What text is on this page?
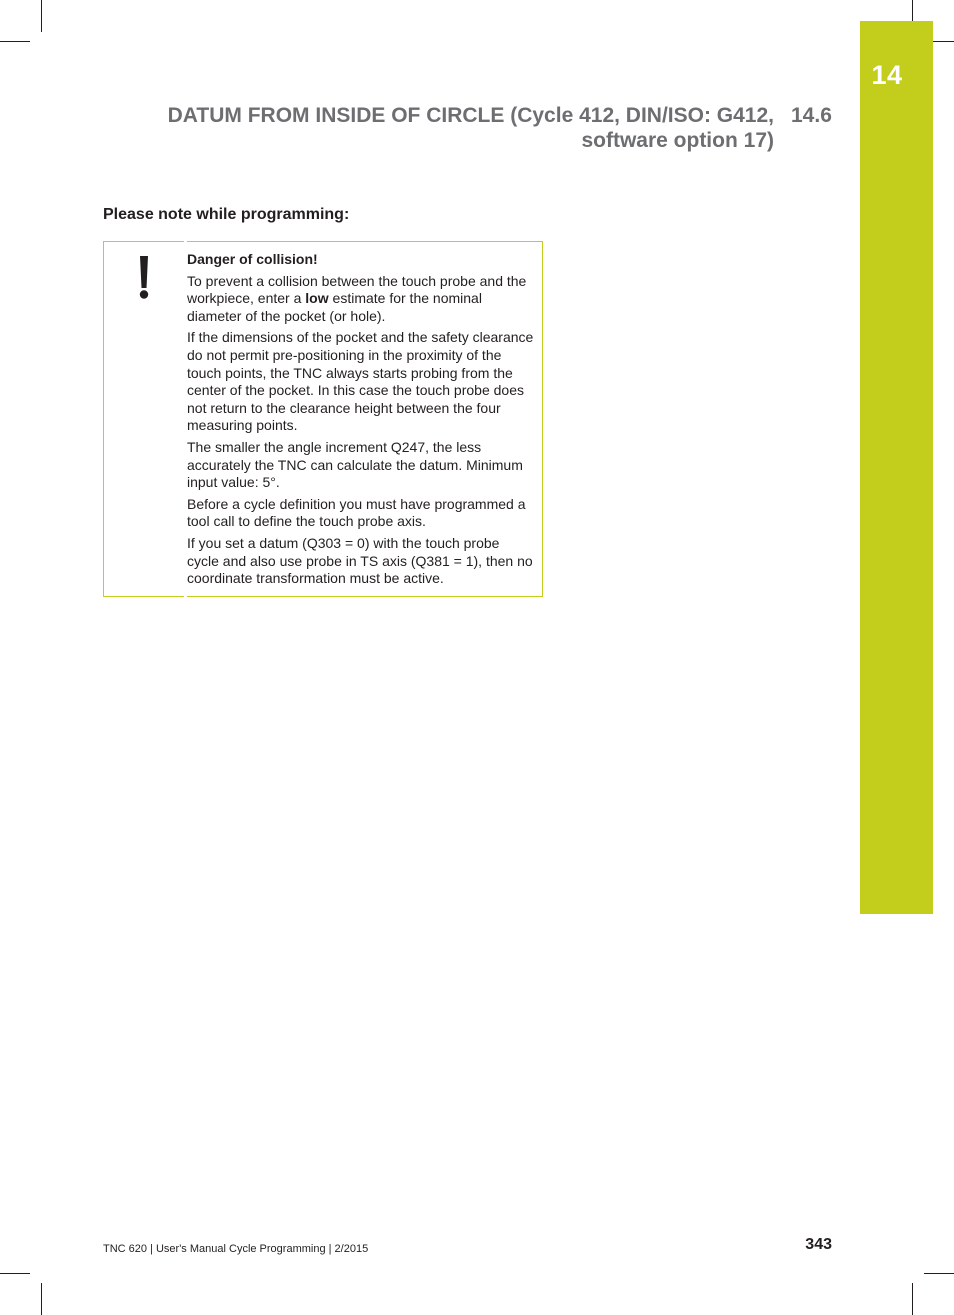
14
DATUM FROM INSIDE OF CIRCLE (Cycle 412, DIN/ISO: G412,
software option 17)
14.6
Please note while programming:
Danger of collision!

To prevent a collision between the touch probe and the workpiece, enter a low estimate for the nominal diameter of the pocket (or hole).

If the dimensions of the pocket and the safety clearance do not permit pre-positioning in the proximity of the touch points, the TNC always starts probing from the center of the pocket. In this case the touch probe does not return to the clearance height between the four measuring points.

The smaller the angle increment Q247, the less accurately the TNC can calculate the datum. Minimum input value: 5°.

Before a cycle definition you must have programmed a tool call to define the touch probe axis.

If you set a datum (Q303 = 0) with the touch probe cycle and also use probe in TS axis (Q381 = 1), then no coordinate transformation must be active.

TNC 620 | User's Manual Cycle Programming | 2/2015	343
